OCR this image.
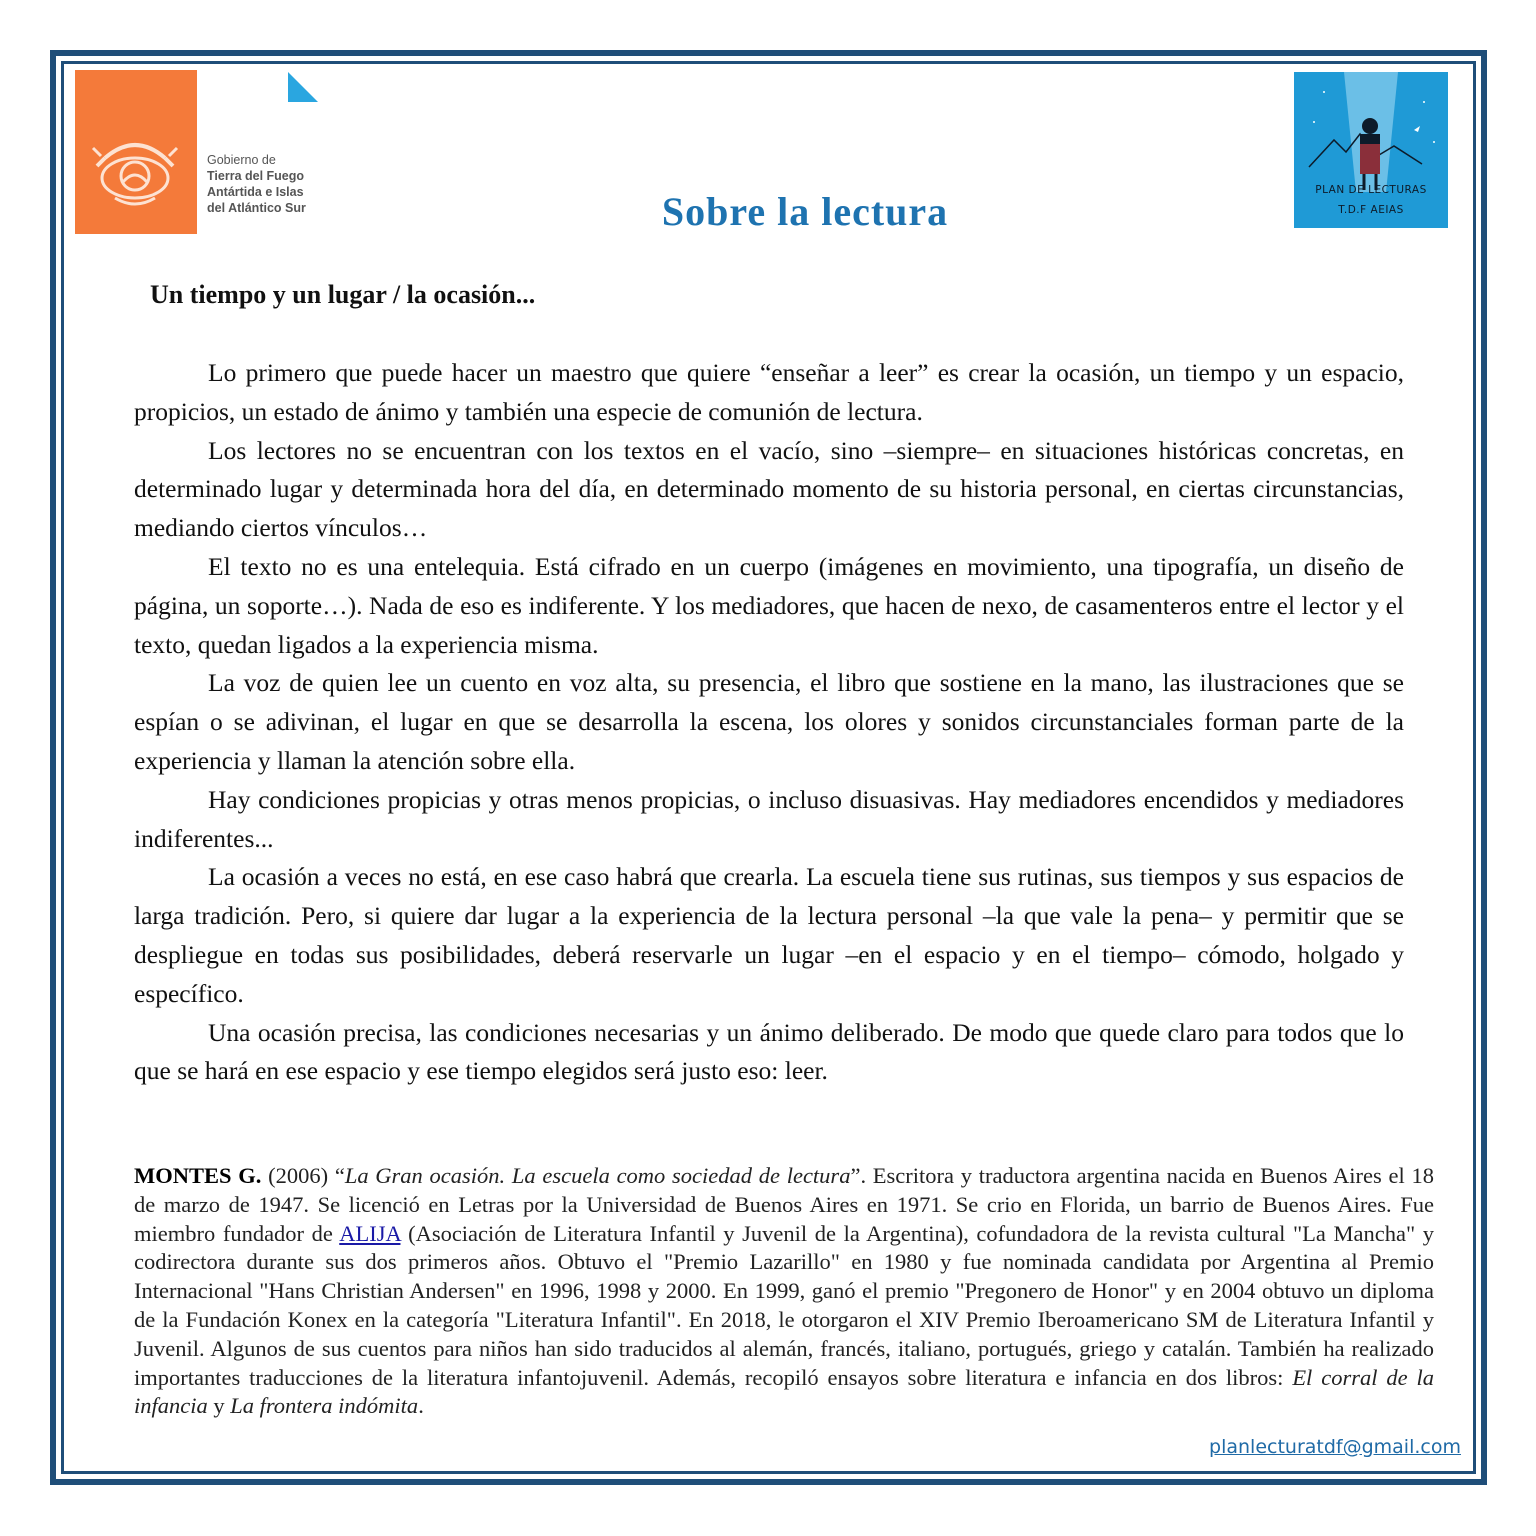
Gobierno de
Tierra del Fuego
Antártida e Islas
del Atlántico Sur
PLAN DE LECTURAS
T.D.F AEIAS
Sobre la lectura
Un tiempo y un lugar / la ocasión...

Lo primero que puede hacer un maestro que quiere “enseñar a leer” es crear la ocasión, un tiempo y un espacio, propicios, un estado de ánimo y también una especie de comunión de lectura.

Los lectores no se encuentran con los textos en el vacío, sino –siempre– en situaciones históricas concretas, en determinado lugar y determinada hora del día, en determinado momento de su historia personal, en ciertas circunstancias, mediando ciertos vínculos…

El texto no es una entelequia. Está cifrado en un cuerpo (imágenes en movimiento, una tipografía, un diseño de página, un soporte…). Nada de eso es indiferente. Y los mediadores, que hacen de nexo, de casamenteros entre el lector y el texto, quedan ligados a la experiencia misma.

La voz de quien lee un cuento en voz alta, su presencia, el libro que sostiene en la mano, las ilustraciones que se espían o se adivinan, el lugar en que se desarrolla la escena, los olores y sonidos circunstanciales forman parte de la experiencia y llaman la atención sobre ella.

Hay condiciones propicias y otras menos propicias, o incluso disuasivas. Hay mediadores encendidos y mediadores indiferentes...

La ocasión a veces no está, en ese caso habrá que crearla. La escuela tiene sus rutinas, sus tiempos y sus espacios de larga tradición. Pero, si quiere dar lugar a la experiencia de la lectura personal –la que vale la pena– y permitir que se despliegue en todas sus posibilidades, deberá reservarle un lugar –en el espacio y en el tiempo– cómodo, holgado y específico.

Una ocasión precisa, las condiciones necesarias y un ánimo deliberado. De modo que quede claro para todos que lo que se hará en ese espacio y ese tiempo elegidos será justo eso: leer.

MONTES G. (2006) “La Gran ocasión. La escuela como sociedad de lectura”. Escritora y traductora argentina nacida en Buenos Aires el 18 de marzo de 1947. Se licenció en Letras por la Universidad de Buenos Aires en 1971. Se crio en Florida, un barrio de Buenos Aires. Fue miembro fundador de ALIJA (Asociación de Literatura Infantil y Juvenil de la Argentina), cofundadora de la revista cultural "La Mancha" y codirectora durante sus dos primeros años. Obtuvo el "Premio Lazarillo" en 1980 y fue nominada candidata por Argentina al Premio Internacional "Hans Christian Andersen" en 1996, 1998 y 2000. En 1999, ganó el premio "Pregonero de Honor" y en 2004 obtuvo un diploma de la Fundación Konex en la categoría "Literatura Infantil". En 2018, le otorgaron el XIV Premio Iberoamericano SM de Literatura Infantil y Juvenil. Algunos de sus cuentos para niños han sido traducidos al alemán, francés, italiano, portugués, griego y catalán. También ha realizado importantes traducciones de la literatura infantojuvenil. Además, recopiló ensayos sobre literatura e infancia en dos libros: El corral de la infancia y La frontera indómita.
planlecturatdf@gmail.com
